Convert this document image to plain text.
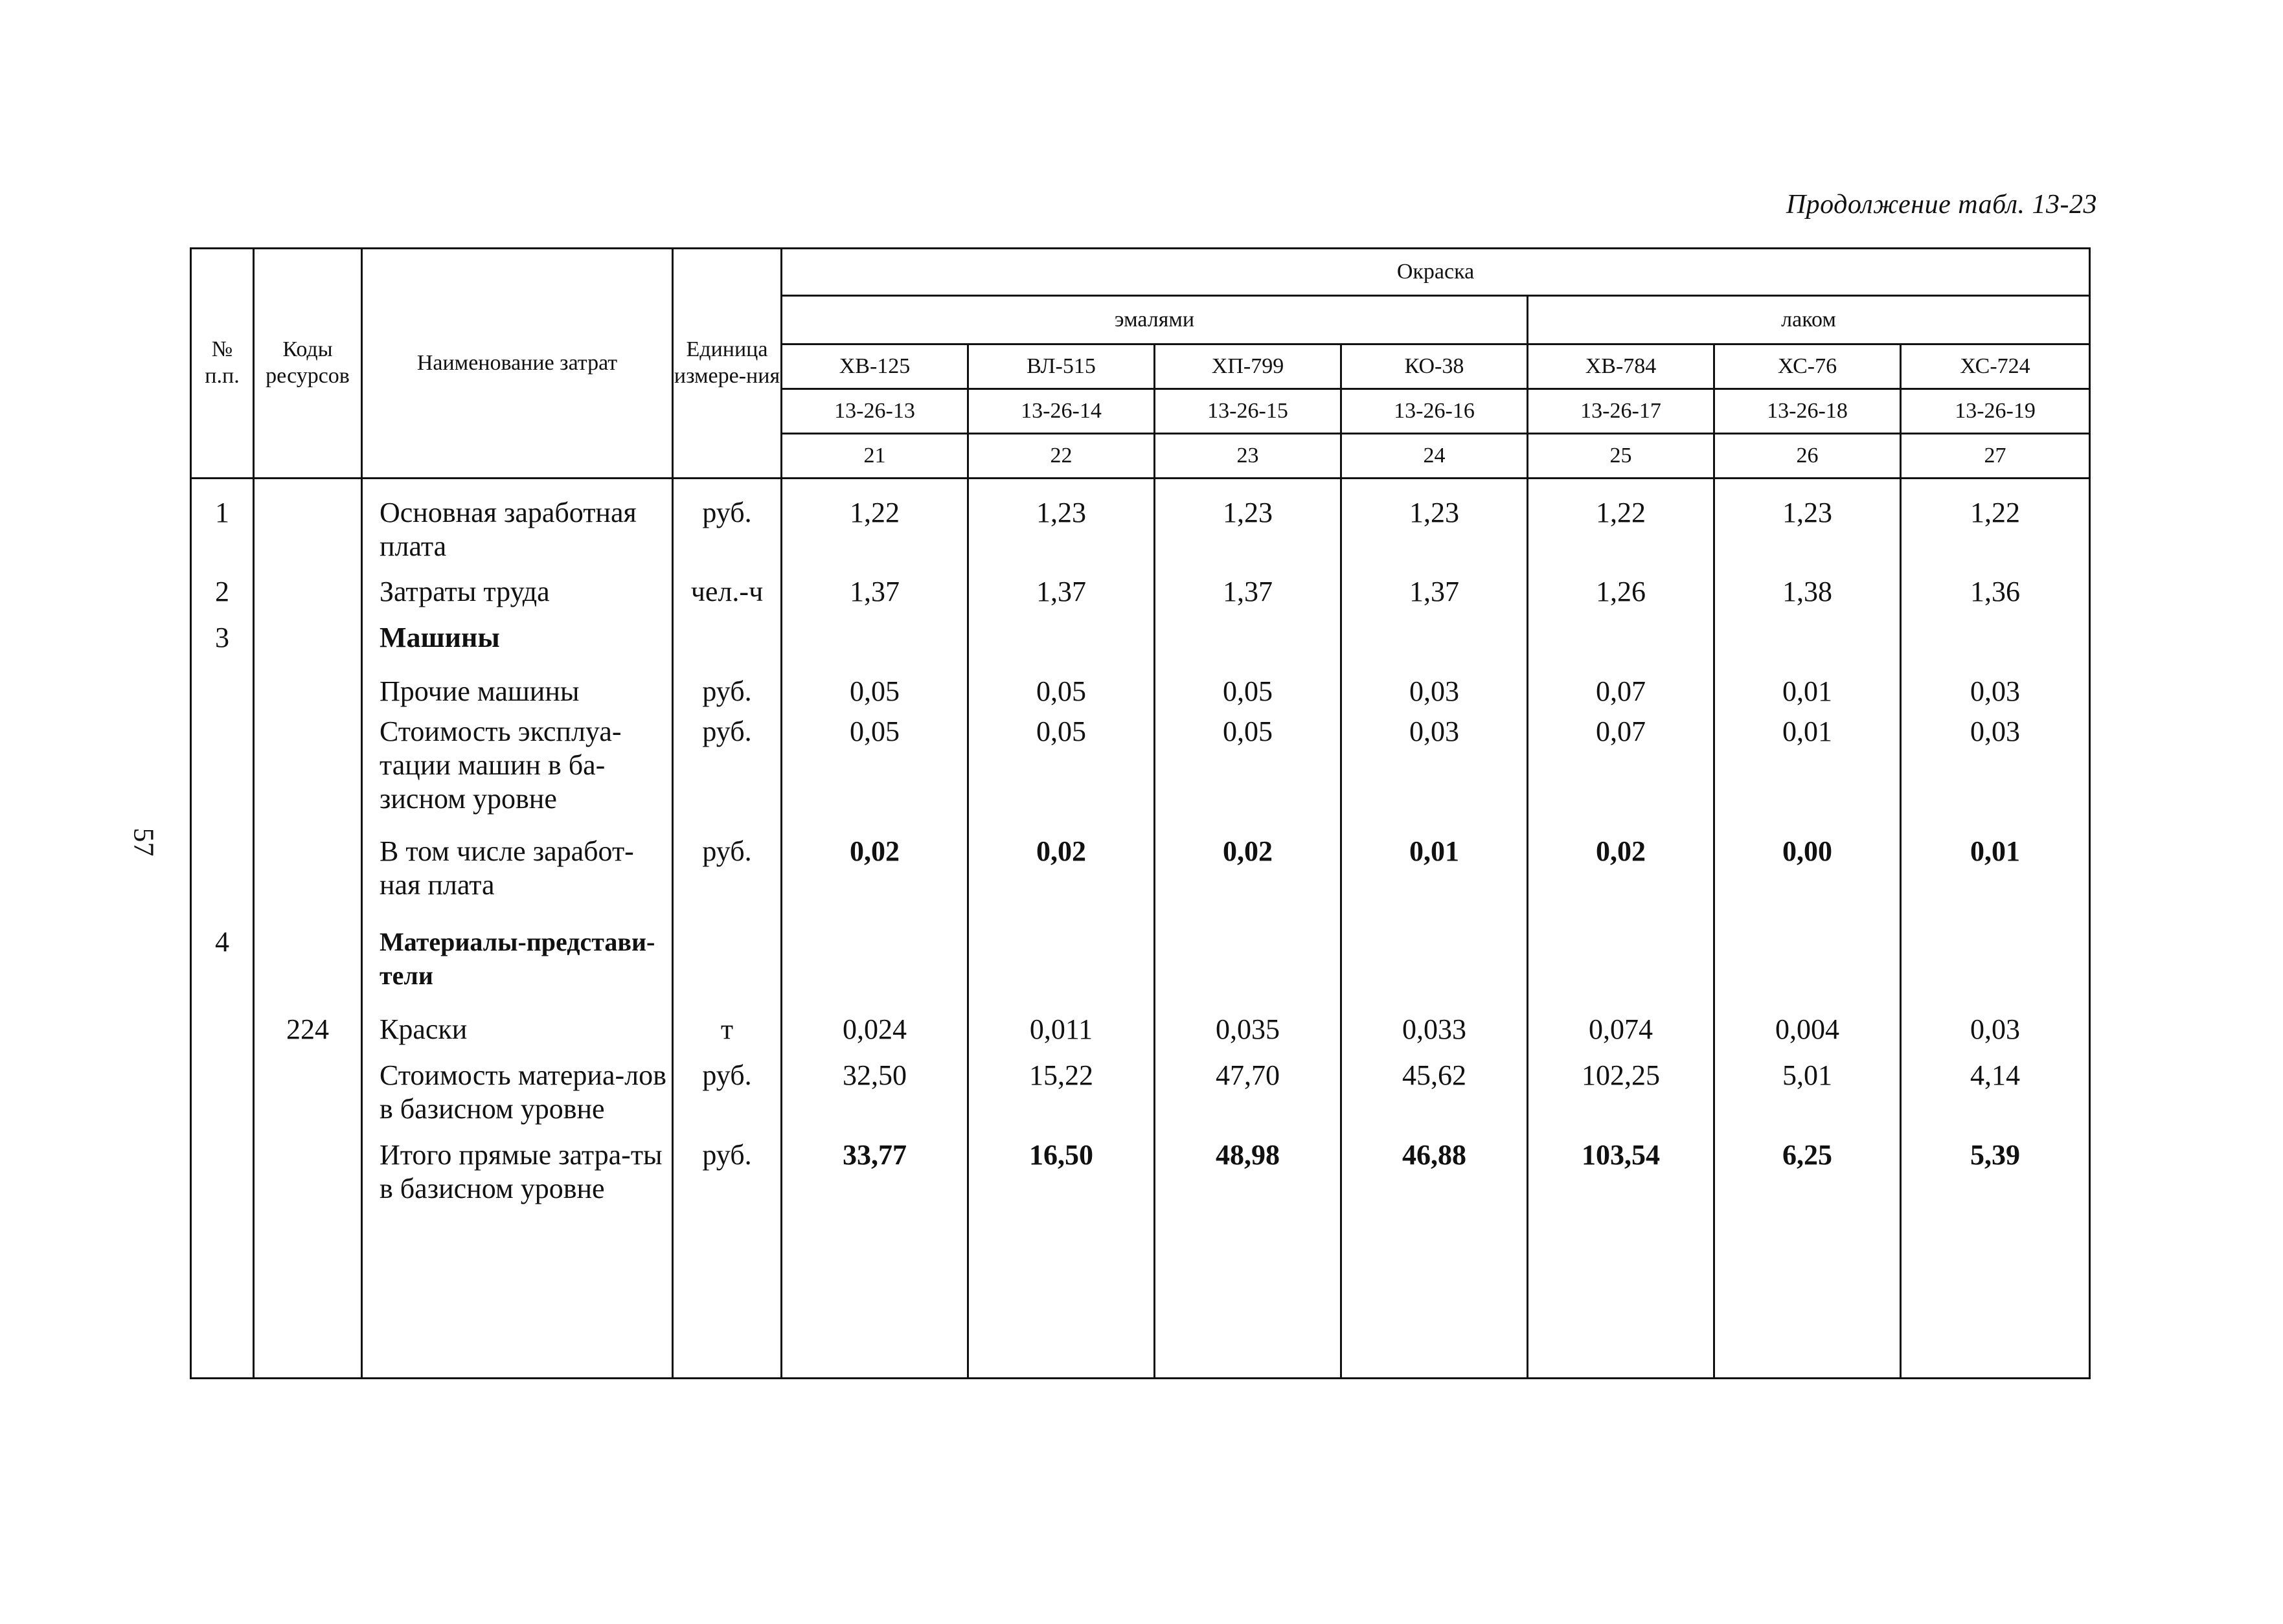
Продолжение табл. 13-23
57
№ п.п.	Коды ресурсов	Наименование затрат	Единица измере-ния	Окраска						
				эмалями				лаком		
				ХВ-125	ВЛ-515	ХП-799	КО-38	ХВ-784	ХС-76	ХС-724
				13-26-13	13-26-14	13-26-15	13-26-16	13-26-17	13-26-18	13-26-19
				21	22	23	24	25	26	27
1		Основная заработная плата	руб.	1,22	1,23	1,23	1,23	1,22	1,23	1,22
2		Затраты труда	чел.-ч	1,37	1,37	1,37	1,37	1,26	1,38	1,36
3		Машины								
		Прочие машины	руб.	0,05	0,05	0,05	0,03	0,07	0,01	0,03
		Стоимость эксплуа-тации машин в ба-зисном уровне	руб.	0,05	0,05	0,05	0,03	0,07	0,01	0,03
		В том числе заработ-ная плата	руб.	0,02	0,02	0,02	0,01	0,02	0,00	0,01
4		Материалы-представи-тели								
	224	Краски	т	0,024	0,011	0,035	0,033	0,074	0,004	0,03
		Стоимость материа-лов в базисном уровне	руб.	32,50	15,22	47,70	45,62	102,25	5,01	4,14
		Итого прямые затра-ты в базисном уровне	руб.	33,77	16,50	48,98	46,88	103,54	6,25	5,39
